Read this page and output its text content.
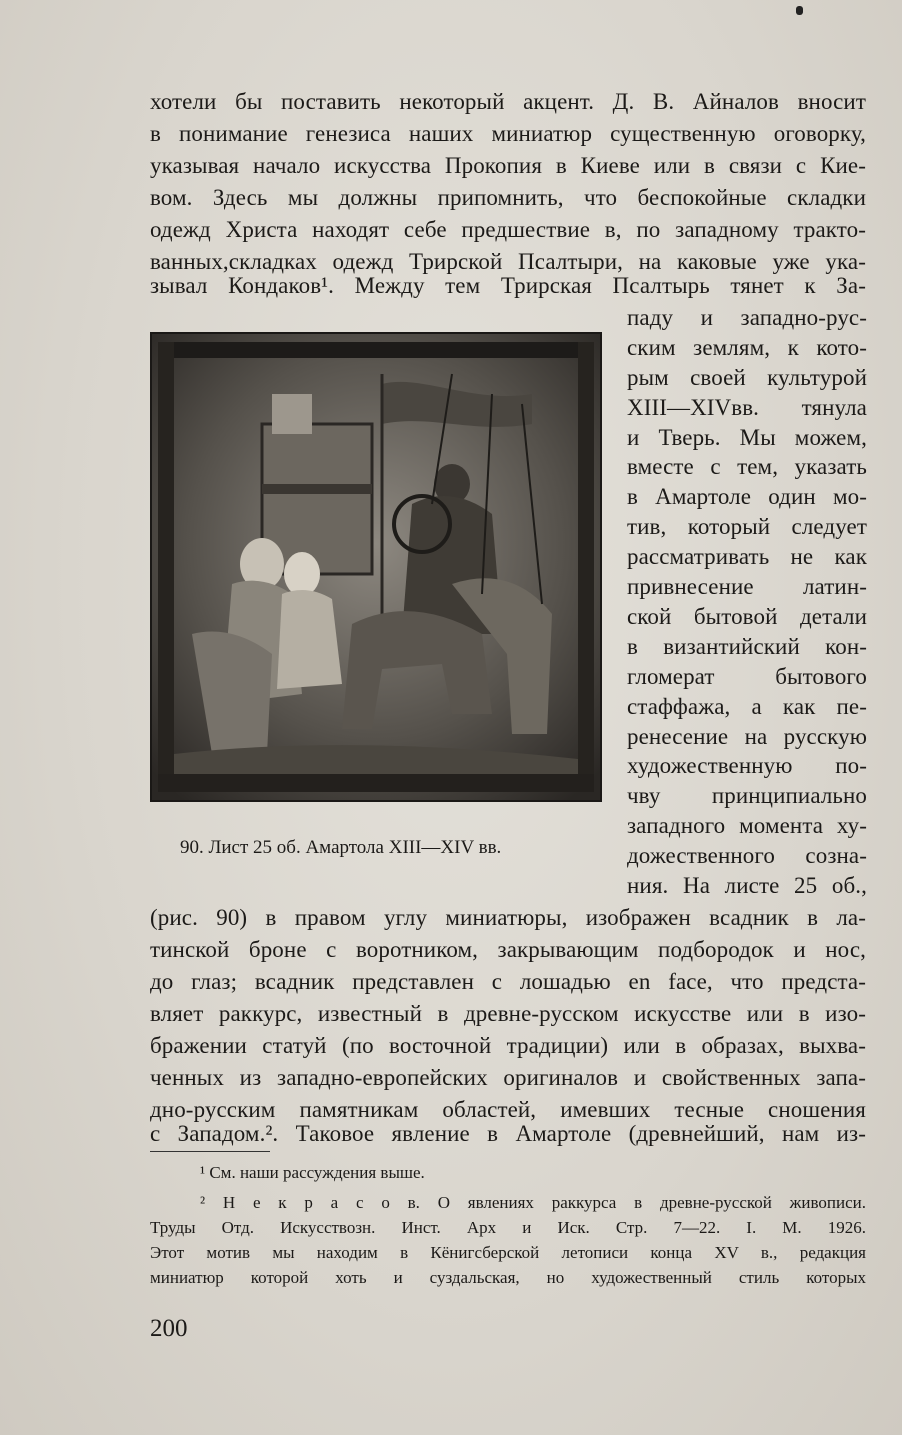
хотели бы поставить некоторый акцент. Д. В. Айналов вносит
в понимание генезиса наших миниатюр существенную оговорку,
указывая начало искусства Прокопия в Киеве или в связи с Кие-
вом. Здесь мы должны припомнить, что беспокойные складки
одежд Христа находят себе предшествие в, по западному тракто-
ванных,складках одежд Трирской Псалтыри, на каковые уже ука-
зывал Кондаков¹. Между тем Трирская Псалтырь тянет к За-
паду и западно-рус-
ским землям, к кото-
рым своей культурой
XIII—XIVвв. тянула
и Тверь. Мы можем,
вместе с тем, указать
в Амартоле один мо-
тив, который следует
рассматривать не как
привнесение латин-
ской бытовой детали
в византийский кон-
гломерат бытового
стаффажа, а как пе-
ренесение на русскую
художественную по-
чву принципиально
западного момента ху-
дожественного созна-
ния. На листе 25 об.,
90. Лист 25 об. Амартола XIII—XIV вв.
(рис. 90) в правом углу миниатюры, изображен всадник в ла-
тинской броне с воротником, закрывающим подбородок и нос,
до глаз; всадник представлен с лошадью en face, что предста-
вляет раккурс, известный в древне-русском искусстве или в изо-
бражении статуй (по восточной традиции) или в образах, выхва-
ченных из западно-европейских оригиналов и свойственных запа-
дно-русским памятникам областей, имевших тесные сношения
с Западом.². Таковое явление в Амартоле (древнейший, нам из-
¹ См. наши рассуждения выше.
² Н е к р а с о в. О явлениях раккурса в древне-русской живописи.
Труды Отд. Искусствозн. Инст. Арх и Иск. Стр. 7—22. I. М. 1926.
Этот мотив мы находим в Кёнигсберской летописи конца XV в., редакция
миниатюр которой хоть и суздальская, но художественный стиль которых
200
